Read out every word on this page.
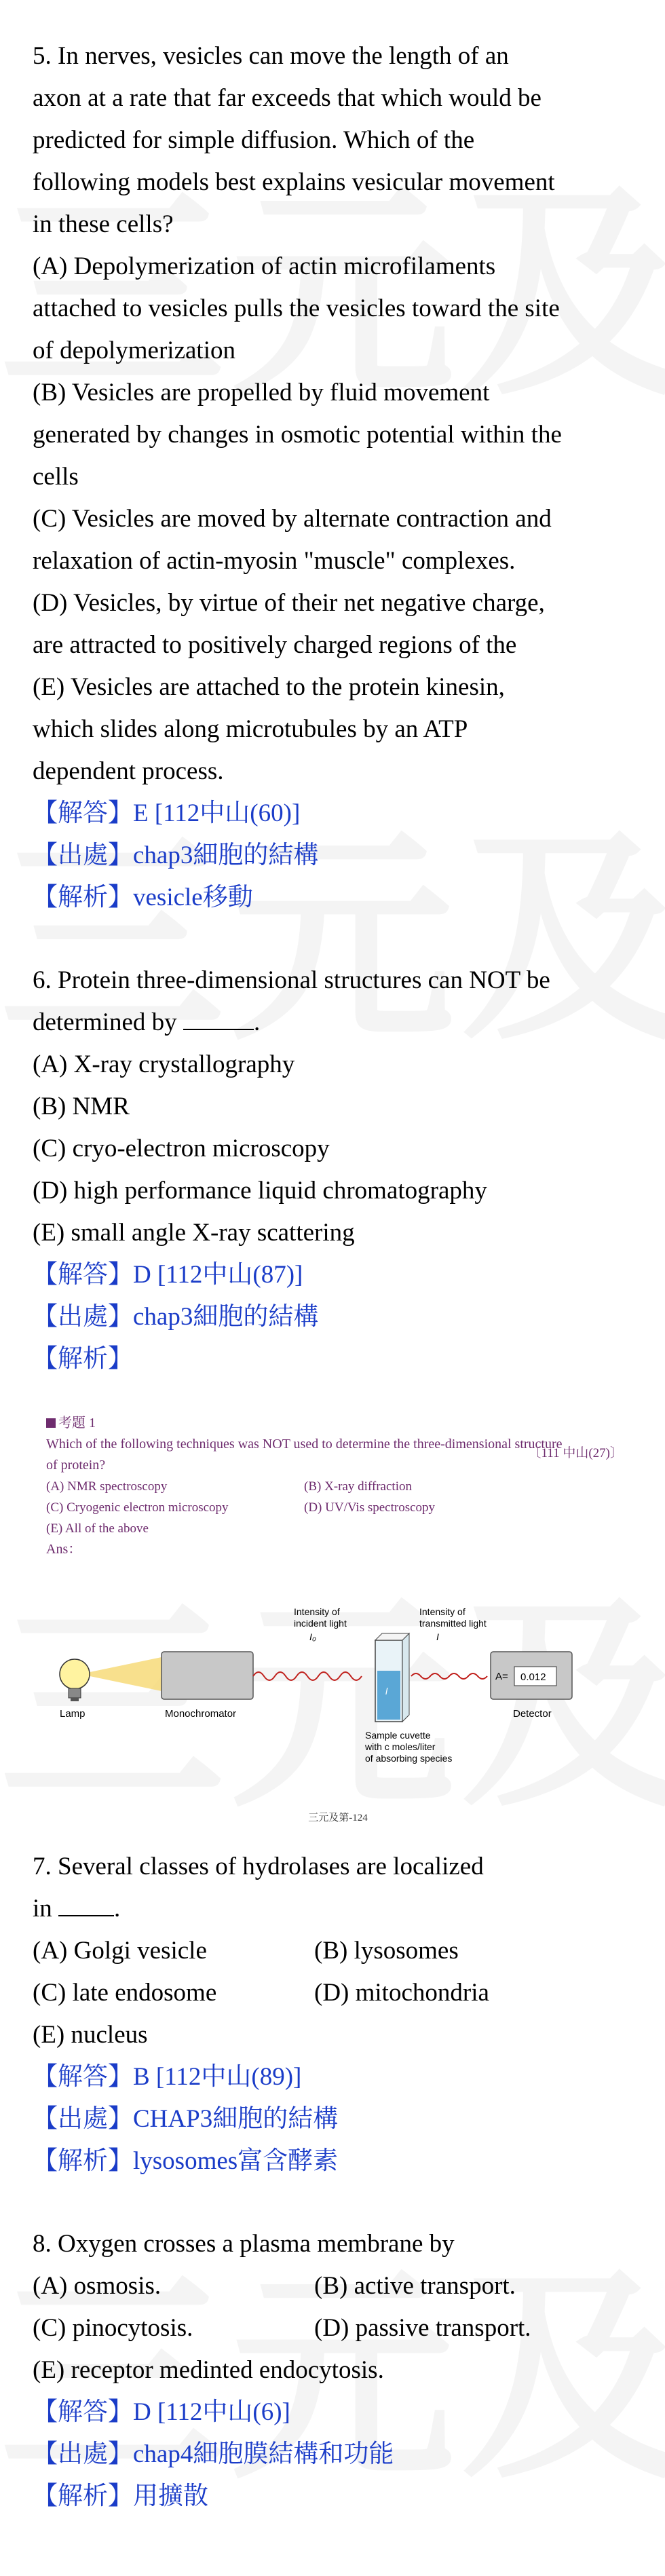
5. In nerves, vesicles can move the length of an
axon at a rate that far exceeds that which would be
predicted for simple diffusion. Which of the
following models best explains vesicular movement
in these cells?
(A) Depolymerization of actin microfilaments
attached to vesicles pulls the vesicles toward the site
of depolymerization
(B) Vesicles are propelled by fluid movement
generated by changes in osmotic potential within the
cells
(C) Vesicles are moved by alternate contraction and
relaxation of actin-myosin "muscle" complexes.
(D) Vesicles, by virtue of their net negative charge,
are attracted to positively charged regions of the
(E) Vesicles are attached to the protein kinesin,
which slides along microtubules by an ATP
dependent process.
【解答】E [112中山(60)]
【出處】chap3細胞的結構
【解析】vesicle移動
6. Protein three-dimensional structures can NOT be
determined by	.
(A) X-ray crystallography
(B) NMR
(C) cryo-electron microscopy
(D) high performance liquid chromatography
(E) small angle X-ray scattering
【解答】D [112中山(87)]
【出處】chap3細胞的結構
【解析】
考題 1
Which of the following techniques was NOT used to determine the three-dimensional structure
of protein?
〔111 中山(27)〕
(A) NMR spectroscopy	(B) X-ray diffraction
(C) Cryogenic electron microscopy	(D) UV/Vis spectroscopy
(E) All of the above
Ans：
Lamp	Monochromator
Intensity of
incident light
I₀
l
Sample cuvette
with c moles/liter
of absorbing species
Intensity of
transmitted light
I
A= 0.012
Detector
三元及第-124
7. Several classes of hydrolases are localized
in .
(A) Golgi vesicle	(B) lysosomes
(C) late endosome	(D) mitochondria
(E) nucleus
【解答】B [112中山(89)]
【出處】CHAP3細胞的結構
【解析】lysosomes富含酵素
8. Oxygen crosses a plasma membrane by
(A) osmosis.	(B) active transport.
(C) pinocytosis.	(D) passive transport.
(E) receptor medinted endocytosis.
【解答】D [112中山(6)]
【出處】chap4細胞膜結構和功能
【解析】用擴散
